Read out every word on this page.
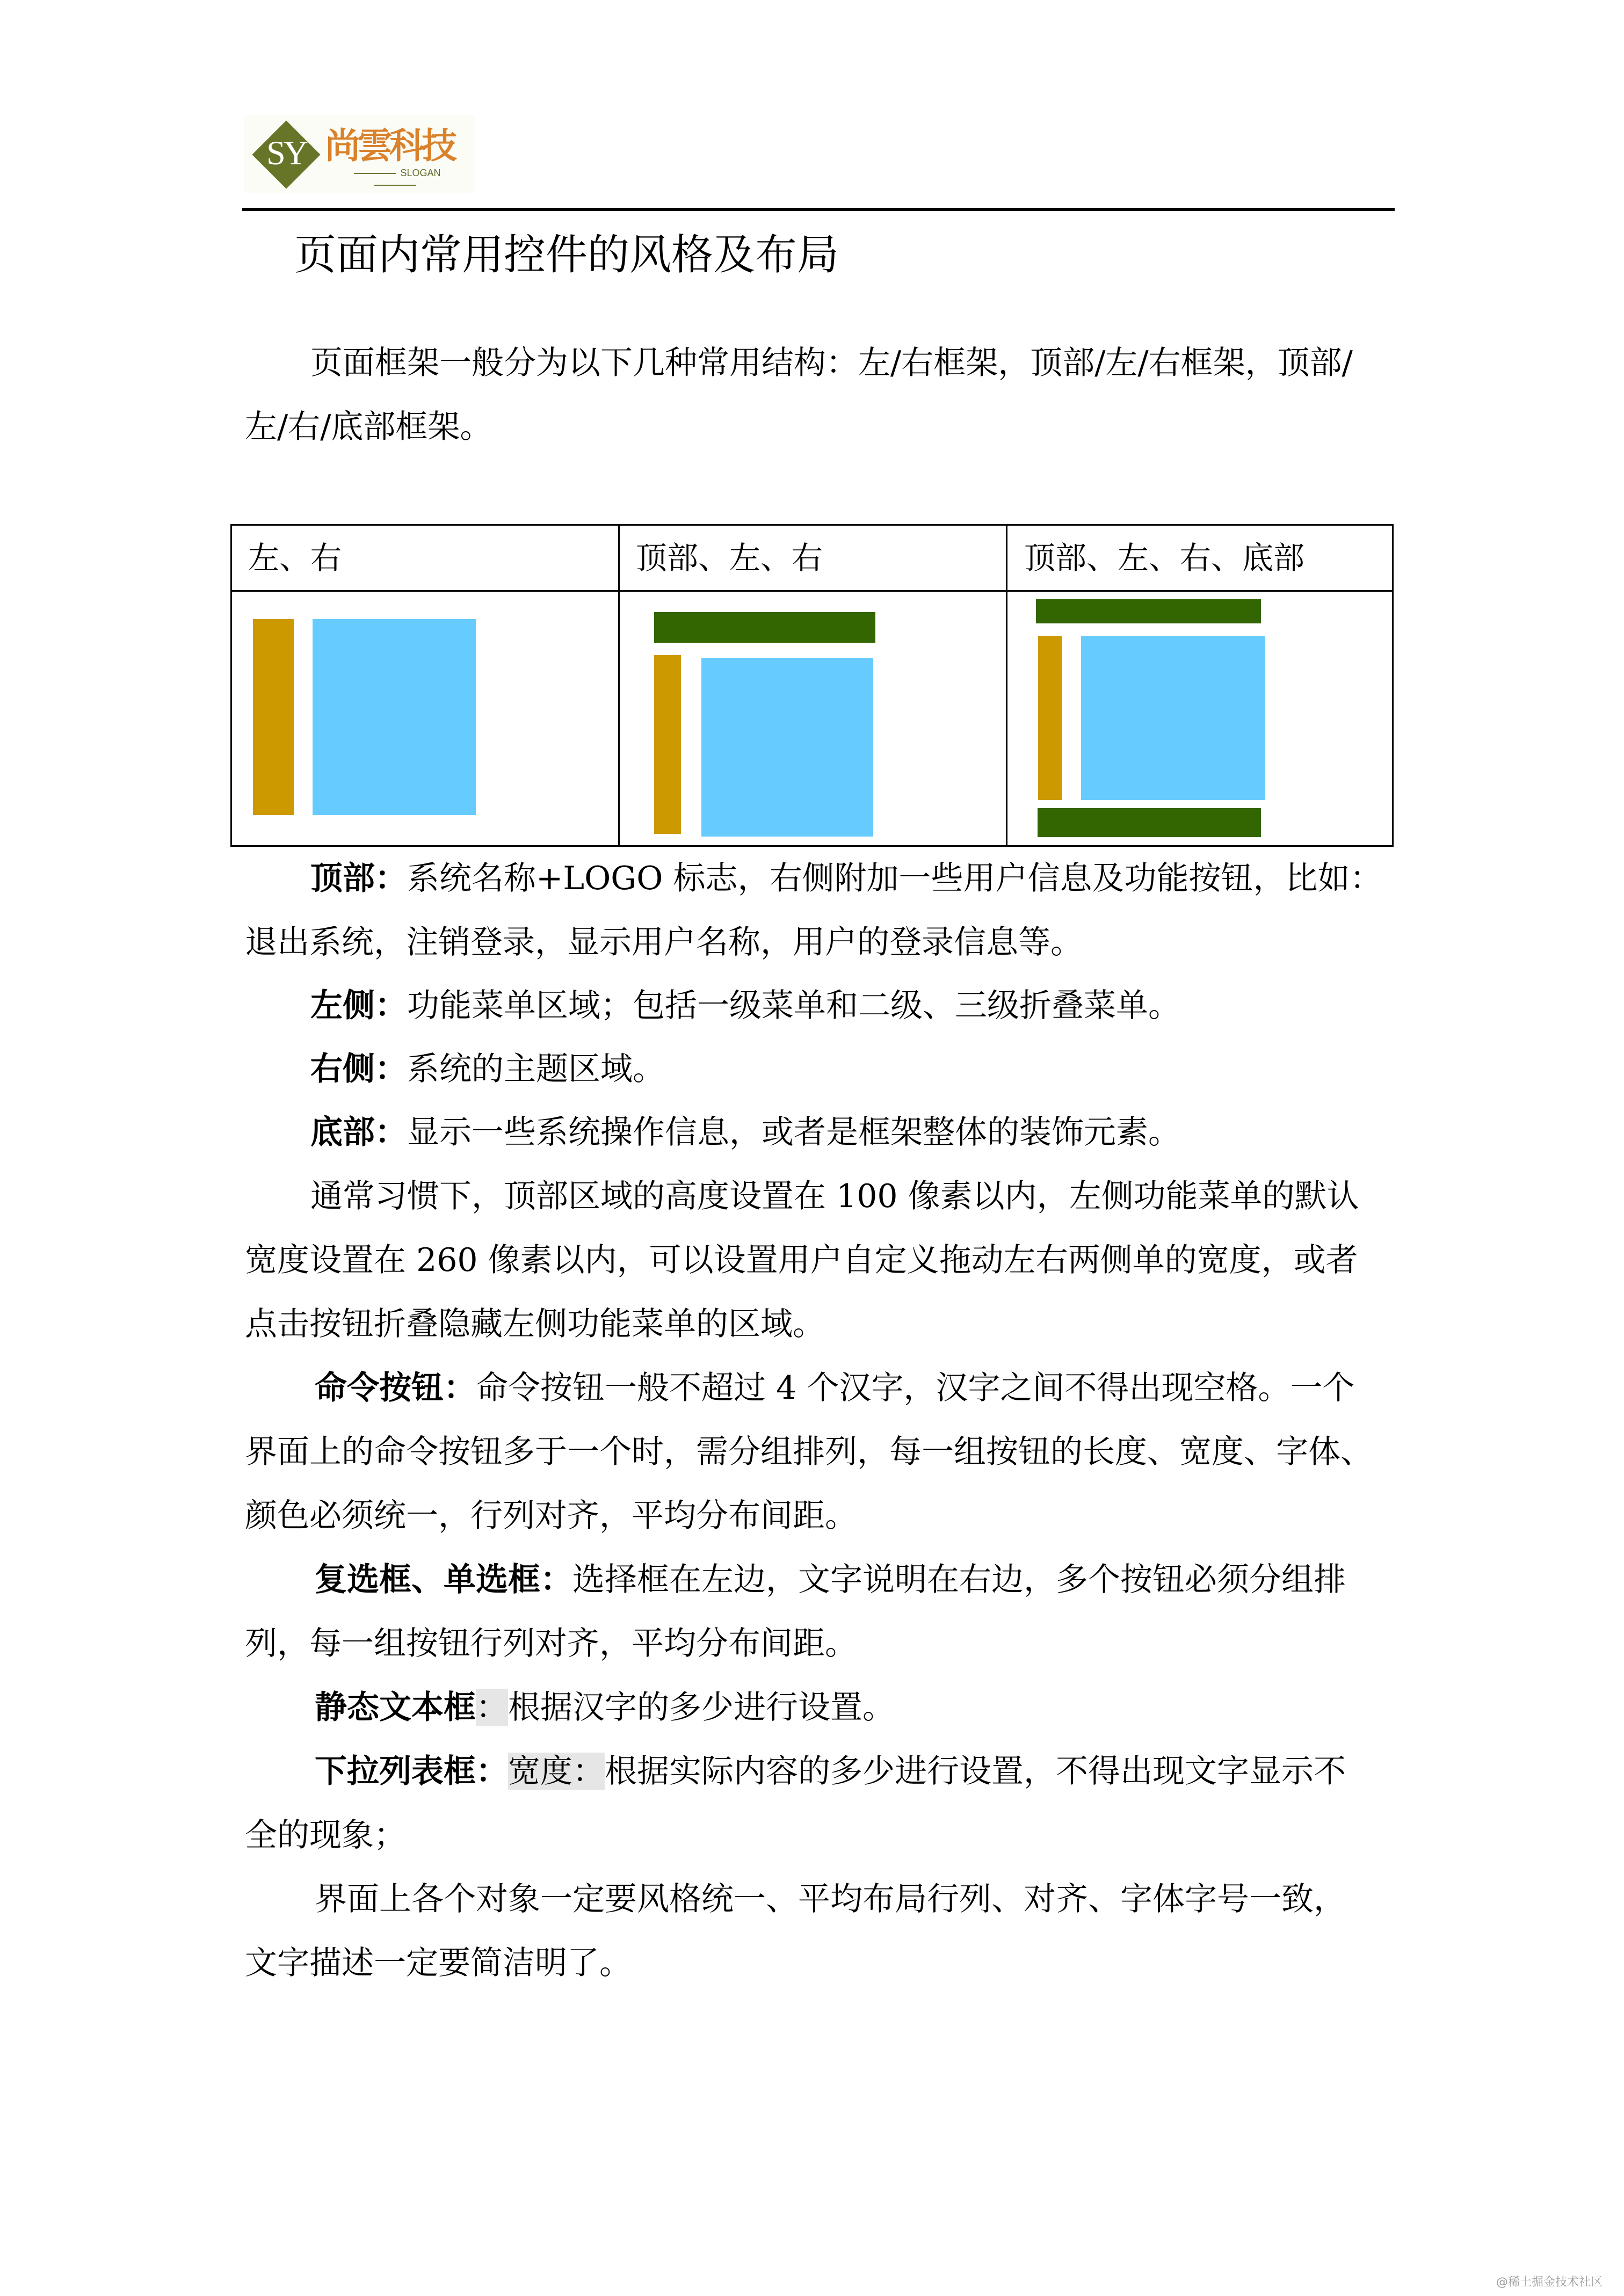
SY 尚雲科技
SLOGAN
页面内常用控件的风格及布局

页面框架一般分为以下几种常用结构：左/右框架，顶部/左/右框架，顶部/

左/右/底部框架。

左、右	顶部、左、右	顶部、左、右、底部

顶部：系统名称+LOGO 标志，右侧附加一些用户信息及功能按钮，比如：

退出系统，注销登录，显示用户名称，用户的登录信息等。

左侧：功能菜单区域；包括一级菜单和二级、三级折叠菜单。

右侧：系统的主题区域。

底部：显示一些系统操作信息，或者是框架整体的装饰元素。

通常习惯下，顶部区域的高度设置在 100 像素以内，左侧功能菜单的默认

宽度设置在 260 像素以内，可以设置用户自定义拖动左右两侧单的宽度，或者

点击按钮折叠隐藏左侧功能菜单的区域。

命令按钮：命令按钮一般不超过 4 个汉字，汉字之间不得出现空格。一个

界面上的命令按钮多于一个时，需分组排列，每一组按钮的长度、宽度、字体、

颜色必须统一，行列对齐，平均分布间距。

复选框、单选框：选择框在左边，文字说明在右边，多个按钮必须分组排

列，每一组按钮行列对齐，平均分布间距。

静态文本框：根据汉字的多少进行设置。

下拉列表框：宽度：根据实际内容的多少进行设置，不得出现文字显示不

全的现象；

界面上各个对象一定要风格统一、平均布局行列、对齐、字体字号一致，

文字描述一定要简洁明了。

@稀土掘金技术社区
